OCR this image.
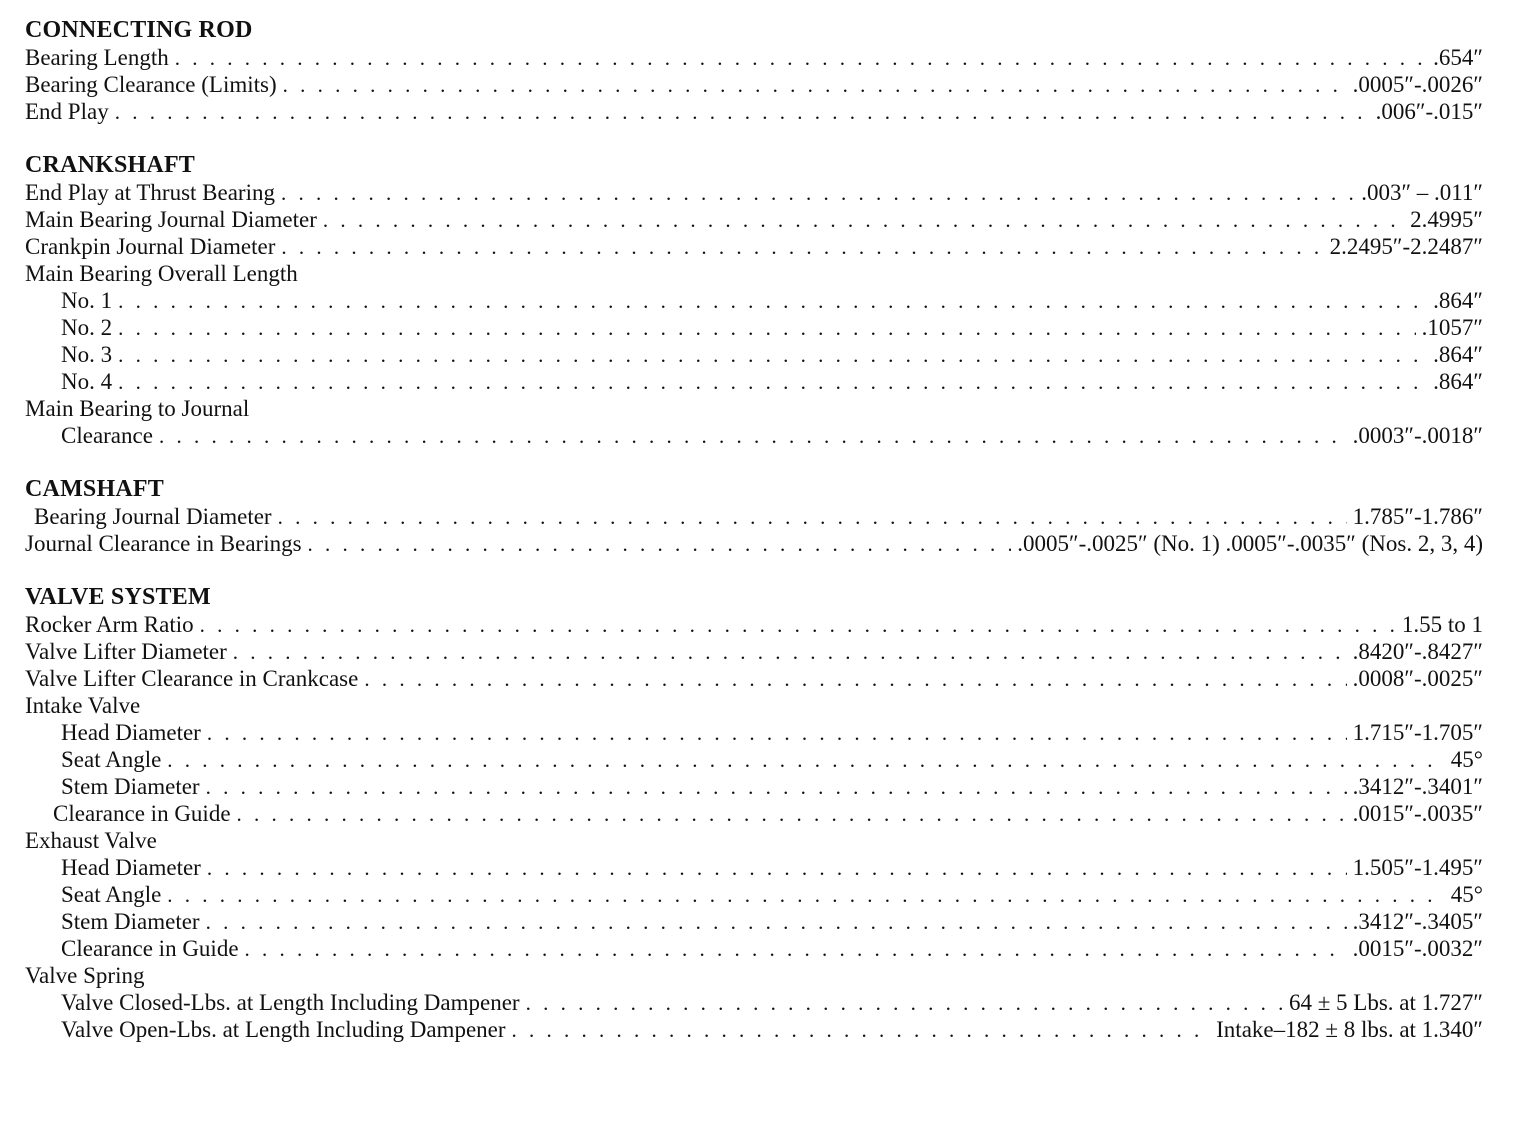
CONNECTING ROD
Bearing Length . . .	.654″
Bearing Clearance (Limits) . . .	.0005″-.0026″
End Play . . .	.006″-.015″
CRANKSHAFT
End Play at Thrust Bearing . . .	.003″ – .011″
Main Bearing Journal Diameter . . .	2.4995″
Crankpin Journal Diameter . . .	2.2495″-2.2487″
Main Bearing Overall Length
No. 1 . . .	.864″
No. 2 . . .	.1057″
No. 3 . . .	.864″
No. 4 . . .	.864″
Main Bearing to Journal
Clearance . . .	.0003″-.0018″
CAMSHAFT
Bearing Journal Diameter . . .	1.785″-1.786″
Journal Clearance in Bearings . . .	.0005″-.0025″ (No. 1) .0005″-.0035″ (Nos. 2, 3, 4)
VALVE SYSTEM
Rocker Arm Ratio . . .	1.55 to 1
Valve Lifter Diameter . . .	.8420″-.8427″
Valve Lifter Clearance in Crankcase . . .	.0008″-.0025″
Intake Valve
Head Diameter . . .	1.715″-1.705″
Seat Angle . . .	45°
Stem Diameter . . .	.3412″-.3401″
Clearance in Guide . . .	.0015″-.0035″
Exhaust Valve
Head Diameter . . .	1.505″-1.495″
Seat Angle . . .	45°
Stem Diameter . . .	.3412″-.3405″
Clearance in Guide . . .	.0015″-.0032″
Valve Spring
Valve Closed-Lbs. at Length Including Dampener . . .	64 ± 5 Lbs. at 1.727″
Valve Open-Lbs. at Length Including Dampener . . .	Intake–182 ± 8 lbs. at 1.340″
